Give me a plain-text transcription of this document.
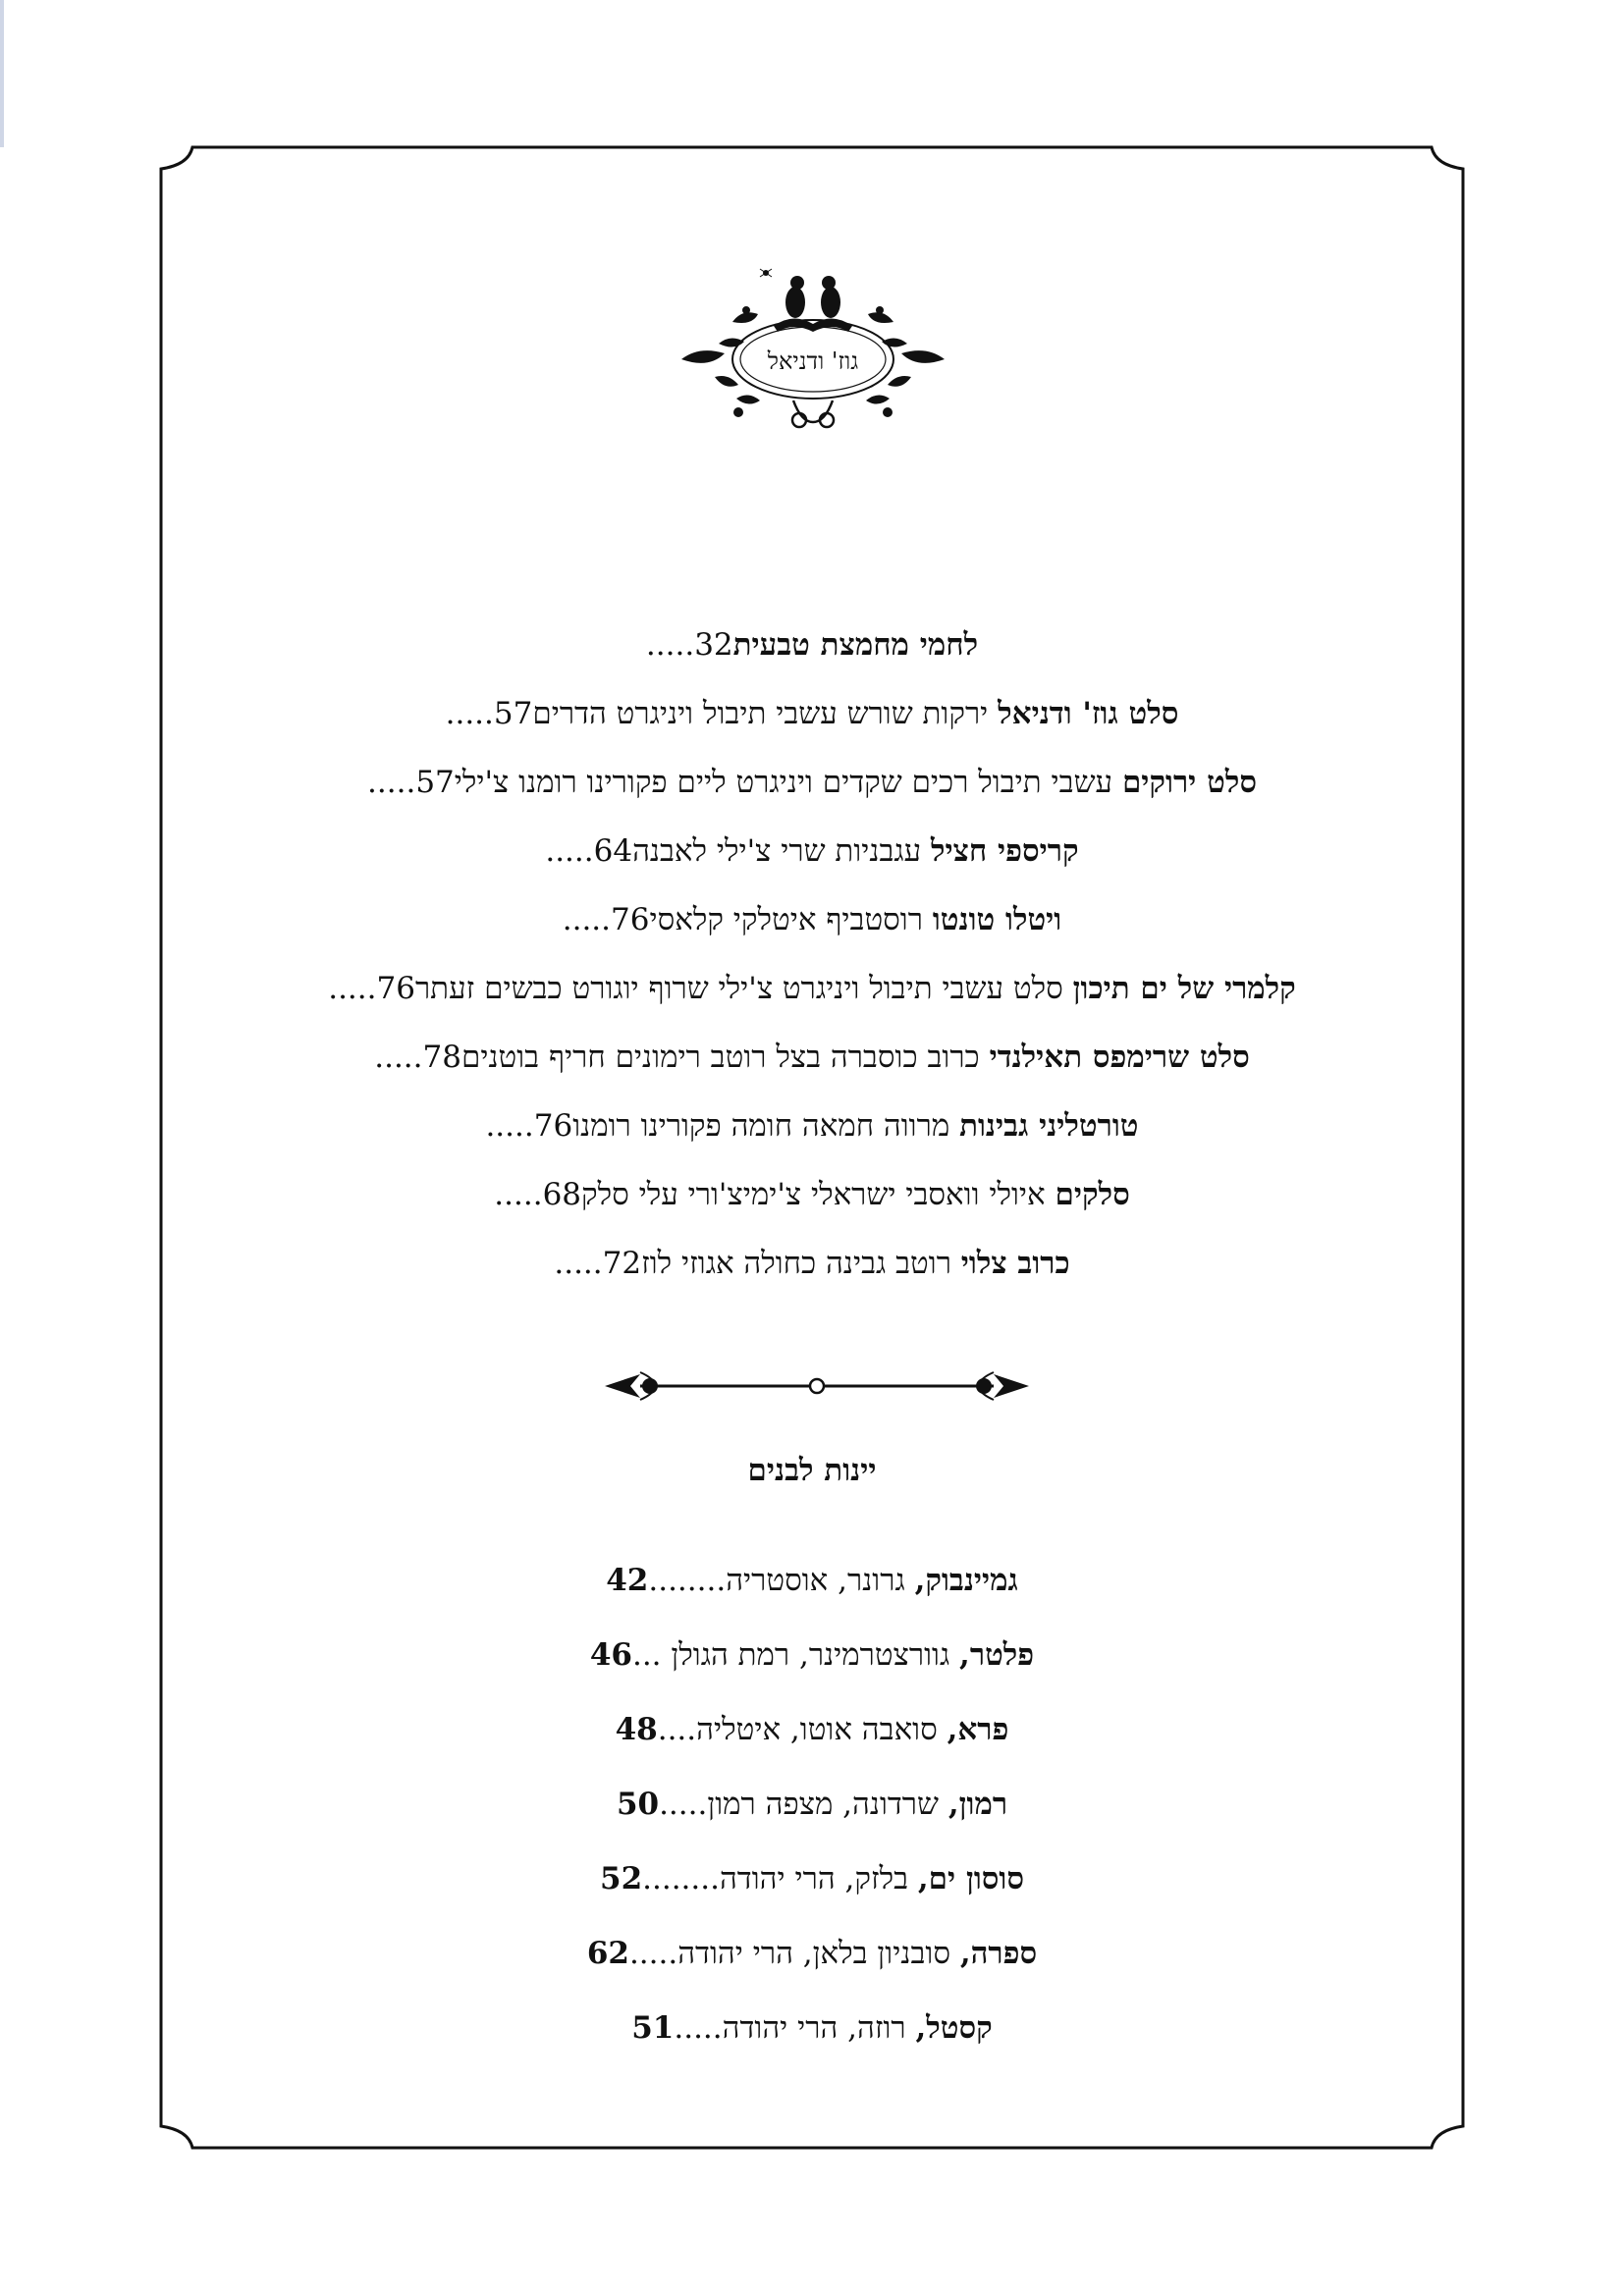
גוז' ודניאל
לחמי מחמצת טבעית32.....
סלט גוז' ודניאל ירקות שורש עשבי תיבול ויניגרט הדרים57.....
סלט ירוקים עשבי תיבול רכים שקדים ויניגרט ליים פקורינו רומנו צ'ילי57.....
קריספי חציל עגבניות שרי צ'ילי לאבנה64.....
ויטלו טונטו רוסטביף איטלקי קלאסי76.....
קלמרי של ים תיכון סלט עשבי תיבול ויניגרט צ'ילי שרוף יוגורט כבשים זעתר76.....
סלט שרימפס תאילנדי כרוב כוסברה בצל רוטב רימונים חריף בוטנים78.....
טורטליני גבינות מרווה חמאה חומה פקורינו רומנו76.....
סלקים איולי וואסבי ישראלי צ'ימיצ'ורי עלי סלק68.....
כרוב צלוי רוטב גבינה כחולה אגוזי לוז72.....
יינות לבנים
גמיינבוק, גרונר, אוסטריה........42
פלטר, גוורצטרמינר, רמת הגולן ...46
פרא, סואבה אוטו, איטליה....48
רמון, שרדונה, מצפה רמון.....50
סוסון ים, בלזק, הרי יהודה........52
ספרה, סובניון בלאן, הרי יהודה.....62
קסטל, רוזה, הרי יהודה.....51
